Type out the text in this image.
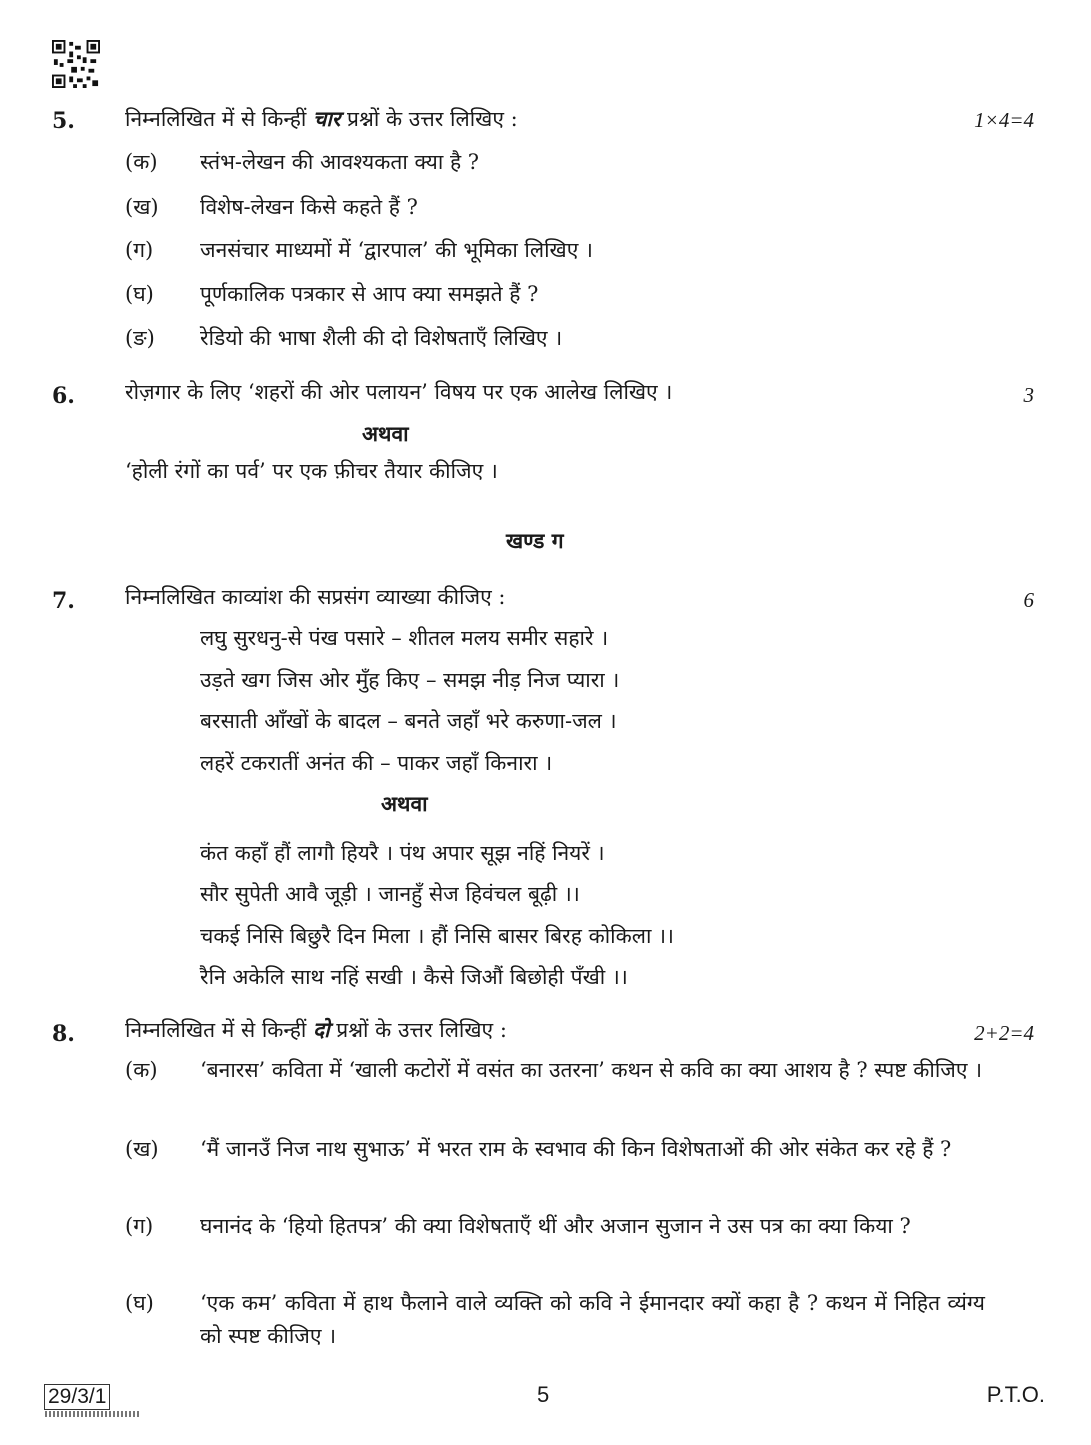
5. निम्नलिखित में से किन्हीं चार प्रश्नों के उत्तर लिखिए :	1×4=4
(क) स्तंभ-लेखन की आवश्यकता क्या है ?
(ख) विशेष-लेखन किसे कहते हैं ?
(ग) जनसंचार माध्यमों में ‘द्वारपाल’ की भूमिका लिखिए ।
(घ) पूर्णकालिक पत्रकार से आप क्या समझते हैं ?
(ङ) रेडियो की भाषा शैली की दो विशेषताएँ लिखिए ।
6. रोज़गार के लिए ‘शहरों की ओर पलायन’ विषय पर एक आलेख लिखिए ।	3
अथवा
‘होली रंगों का पर्व’ पर एक फ़ीचर तैयार कीजिए ।
खण्ड ग
7. निम्नलिखित काव्यांश की सप्रसंग व्याख्या कीजिए :	6
लघु सुरधनु-से पंख पसारे – शीतल मलय समीर सहारे ।
उड़ते खग जिस ओर मुँह किए – समझ नीड़ निज प्यारा ।
बरसाती आँखों के बादल – बनते जहाँ भरे करुणा-जल ।
लहरें टकरातीं अनंत की – पाकर जहाँ किनारा ।
अथवा
कंत कहाँ हौं लागौ हियरै । पंथ अपार सूझ नहिं नियरें ।
सौर सुपेती आवै जूड़ी । जानहुँ सेज हिवंचल बूढ़ी ।।
चकई निसि बिछुरै दिन मिला । हौं निसि बासर बिरह कोकिला ।।
रैनि अकेलि साथ नहिं सखी । कैसे जिऔं बिछोही पँखी ।।
8. निम्नलिखित में से किन्हीं दो प्रश्नों के उत्तर लिखिए :	2+2=4
(क) ‘बनारस’ कविता में ‘खाली कटोरों में वसंत का उतरना’ कथन से कवि का क्या आशय है ? स्पष्ट कीजिए ।
(ख) ‘मैं जानउँ निज नाथ सुभाऊ’ में भरत राम के स्वभाव की किन विशेषताओं की ओर संकेत कर रहे हैं ?
(ग) घनानंद के ‘हियो हितपत्र’ की क्या विशेषताएँ थीं और अजान सुजान ने उस पत्र का क्या किया ?
(घ) ‘एक कम’ कविता में हाथ फैलाने वाले व्यक्ति को कवि ने ईमानदार क्यों कहा है ? कथन में निहित व्यंग्य को स्पष्ट कीजिए ।
29/3/1	5	P.T.O.
